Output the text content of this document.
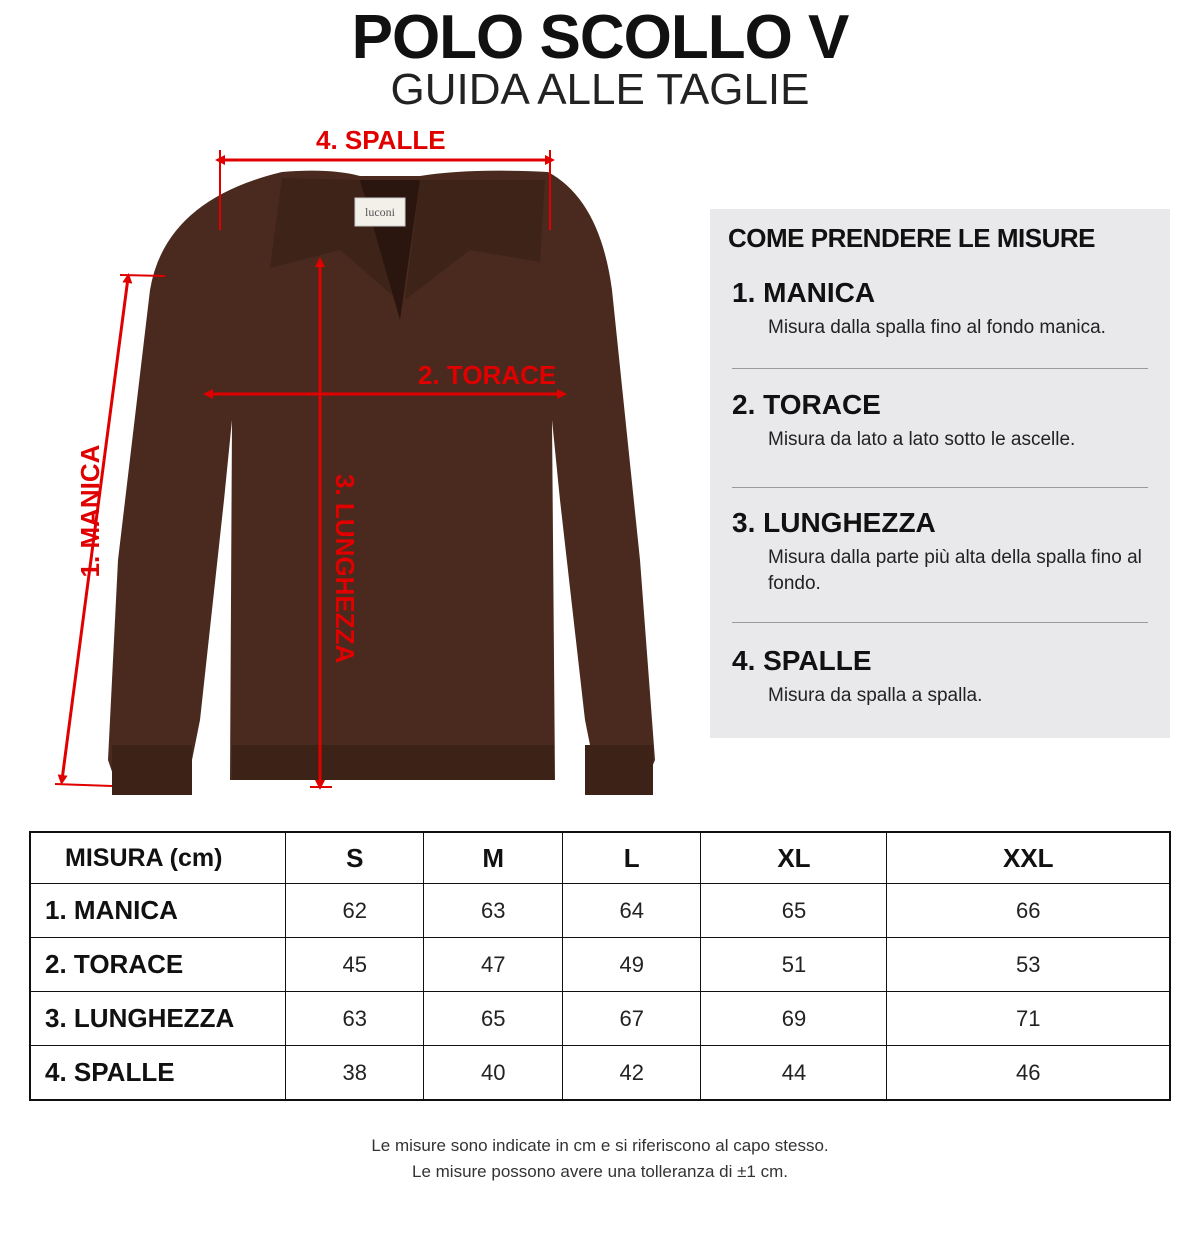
POLO SCOLLO V
GUIDA ALLE TAGLIE
luconi
4. SPALLE
2. TORACE
1. MANICA	3. LUNGHEZZA
COME PRENDERE LE MISURE
1. MANICA
Misura dalla spalla fino al fondo manica.
2. TORACE
Misura da lato a lato sotto le ascelle.
3. LUNGHEZZA
Misura dalla parte più alta della spalla fino al fondo.
4. SPALLE
Misura da spalla a spalla.
MISURA (cm)	S	M	L	XL	XXL
1. MANICA	62	63	64	65	66
2. TORACE	45	47	49	51	53
3. LUNGHEZZA	63	65	67	69	71
4. SPALLE	38	40	42	44	46
Le misure sono indicate in cm e si riferiscono al capo stesso.
Le misure possono avere una tolleranza di ±1 cm.
